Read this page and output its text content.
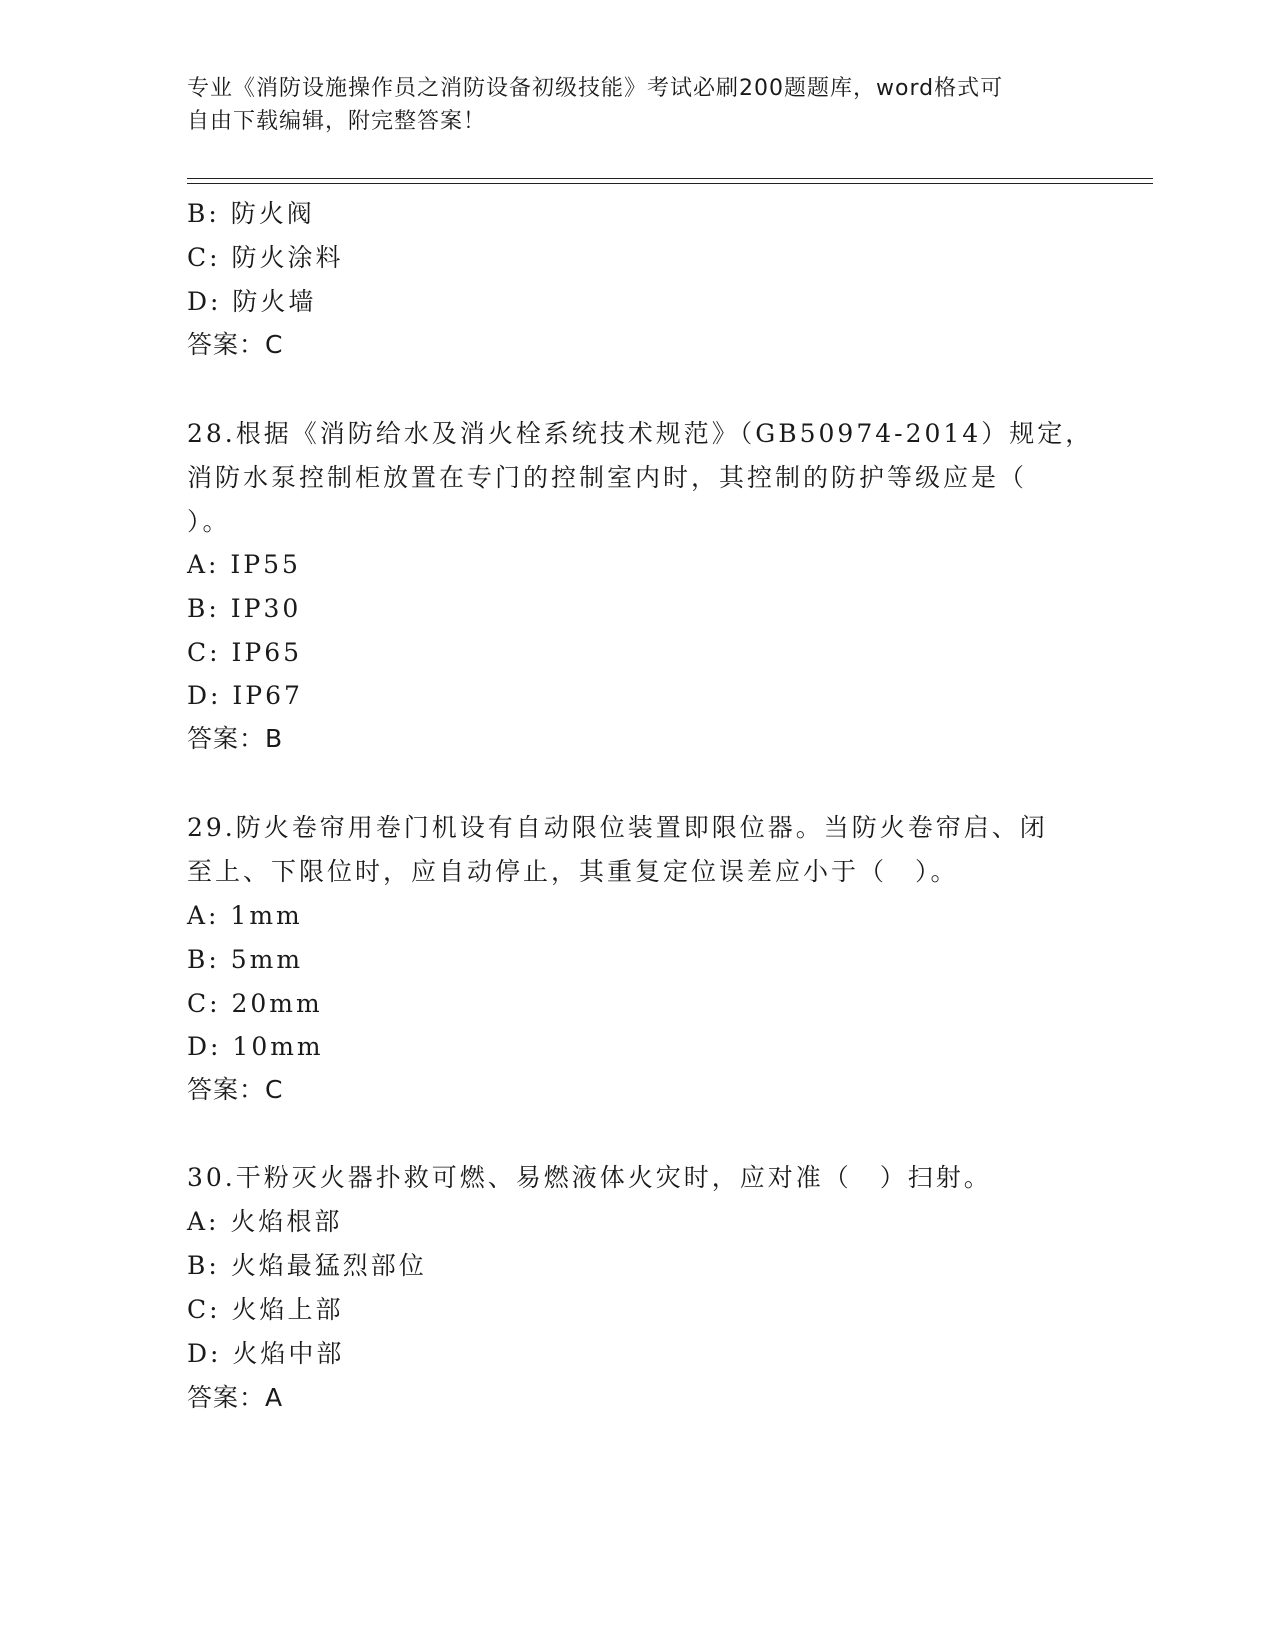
专业《消防设施操作员之消防设备初级技能》考试必刷200题题库，word格式可
自由下载编辑，附完整答案！
B: 防火阀
C: 防火涂料
D: 防火墙
答案：C
28.根据《消防给水及消火栓系统技术规范》（GB50974-2014）规定，
消防水泵控制柜放置在专门的控制室内时，其控制的防护等级应是（
）。
A: IP55
B: IP30
C: IP65
D: IP67
答案：B
29.防火卷帘用卷门机设有自动限位装置即限位器。当防火卷帘启、闭
至上、下限位时，应自动停止，其重复定位误差应小于（　）。
A: 1mm
B: 5mm
C: 20mm
D: 10mm
答案：C
30.干粉灭火器扑救可燃、易燃液体火灾时，应对准（　）扫射。
A: 火焰根部
B: 火焰最猛烈部位
C: 火焰上部
D: 火焰中部
答案：A
